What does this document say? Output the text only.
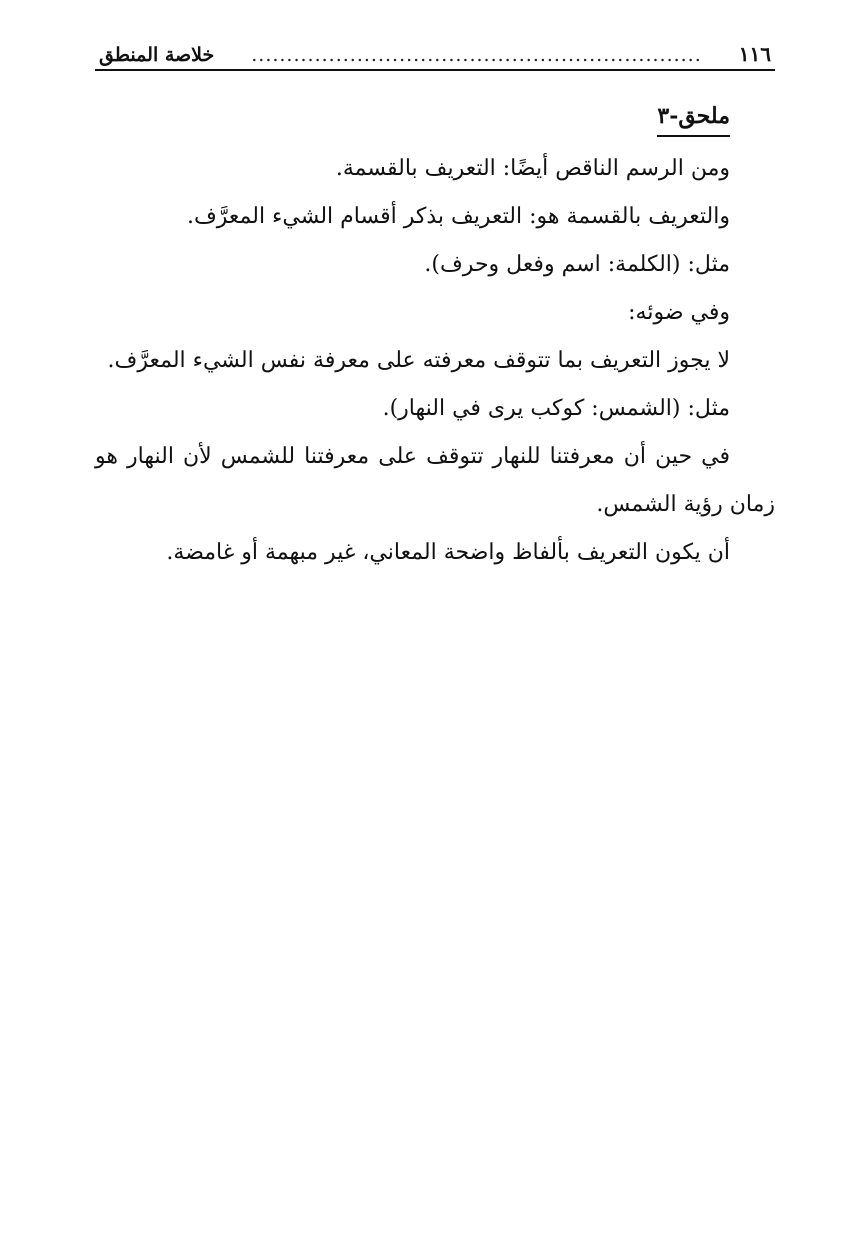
١١٦
................................................................
خلاصة المنطق
ملحق-٣
ومن الرسم الناقص أيضًا: التعريف بالقسمة.
والتعريف بالقسمة هو: التعريف بذكر أقسام الشيء المعرَّف.
مثل: (الكلمة: اسم وفعل وحرف).
وفي ضوئه:
لا يجوز التعريف بما تتوقف معرفته على معرفة نفس الشيء المعرَّف.
مثل: (الشمس: كوكب يرى في النهار).
في
حين
أن
معرفتنا
للنهار
تتوقف
على
معرفتنا
للشمس
لأن
النهار
هو
زمان رؤية الشمس.
أن يكون التعريف بألفاظ واضحة المعاني، غير مبهمة أو غامضة.
